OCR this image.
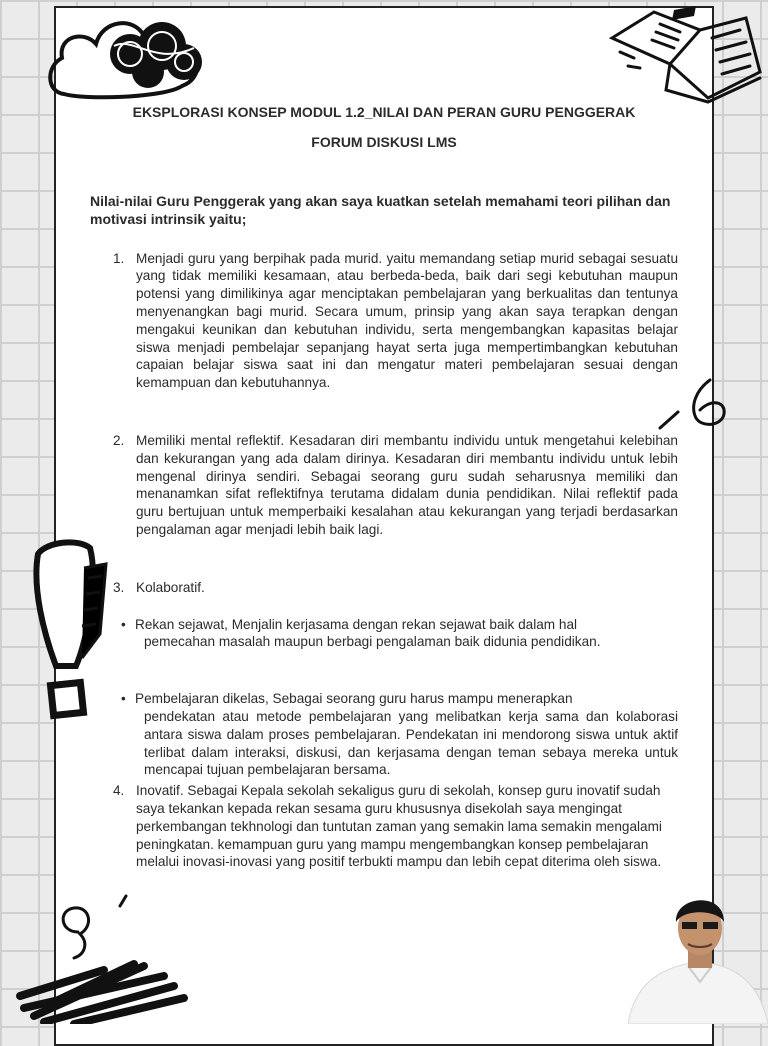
EKSPLORASI KONSEP MODUL 1.2_NILAI DAN PERAN GURU PENGGERAK

FORUM DISKUSI LMS

Nilai-nilai Guru Penggerak yang akan saya kuatkan setelah memahami teori pilihan dan motivasi intrinsik yaitu;

1. Menjadi guru yang berpihak pada murid. yaitu memandang setiap murid sebagai sesuatu yang tidak memiliki kesamaan, atau berbeda-beda, baik dari segi kebutuhan maupun potensi yang dimilikinya agar menciptakan pembelajaran yang berkualitas dan tentunya menyenangkan bagi murid. Secara umum, prinsip yang akan saya terapkan dengan mengakui keunikan dan kebutuhan individu, serta mengembangkan kapasitas belajar siswa menjadi pembelajar sepanjang hayat serta juga mempertimbangkan kebutuhan capaian belajar siswa saat ini dan mengatur materi pembelajaran sesuai dengan kemampuan dan kebutuhannya.
2. Memiliki mental reflektif. Kesadaran diri membantu individu untuk mengetahui kelebihan dan kekurangan yang ada dalam dirinya. Kesadaran diri membantu individu untuk lebih mengenal dirinya sendiri. Sebagai seorang guru sudah seharusnya memiliki dan menanamkan sifat reflektifnya terutama didalam dunia pendidikan. Nilai reflektif pada guru bertujuan untuk memperbaiki kesalahan atau kekurangan yang terjadi berdasarkan pengalaman agar menjadi lebih baik lagi.
3. Kolaboratif.
• Rekan sejawat, Menjalin kerjasama dengan rekan sejawat baik dalam hal
pemecahan masalah maupun berbagi pengalaman baik didunia pendidikan.
• Pembelajaran dikelas, Sebagai seorang guru harus mampu menerapkan
pendekatan atau metode pembelajaran yang melibatkan kerja sama dan kolaborasi antara siswa dalam proses pembelajaran. Pendekatan ini mendorong siswa untuk aktif terlibat dalam interaksi, diskusi, dan kerjasama dengan teman sebaya mereka untuk mencapai tujuan pembelajaran bersama.
4. Inovatif. Sebagai Kepala sekolah sekaligus guru di sekolah, konsep guru inovatif sudah saya tekankan kepada rekan sesama guru khususnya disekolah saya mengingat perkembangan tekhnologi dan tuntutan zaman yang semakin lama semakin mengalami peningkatan. kemampuan guru yang mampu mengembangkan konsep pembelajaran melalui inovasi-inovasi yang positif terbukti mampu dan lebih cepat diterima oleh siswa.
